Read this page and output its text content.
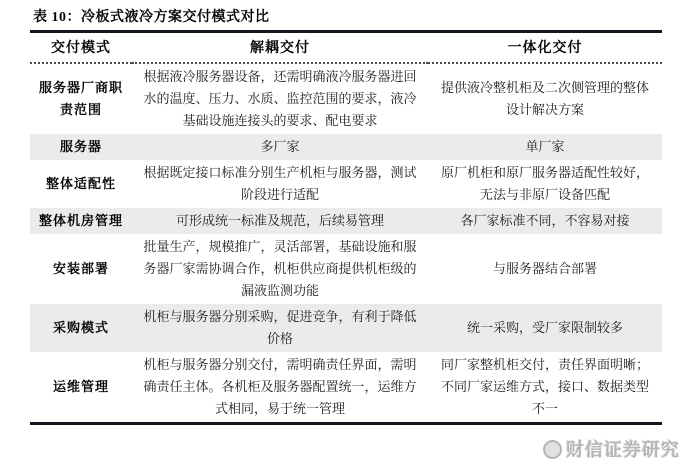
表 10：冷板式液冷方案交付模式对比
交付模式	解耦交付	一体化交付
服务器厂商职责范围	根据液冷服务器设备，还需明确液冷服务器进回水的温度、压力、水质、监控范围的要求，液冷基础设施连接头的要求、配电要求	提供液冷整机柜及二次侧管理的整体设计解决方案
服务器	多厂家	单厂家
整体适配性	根据既定接口标准分别生产机柜与服务器，测试阶段进行适配	原厂机柜和原厂服务器适配性较好，无法与非原厂设备匹配
整体机房管理	可形成统一标准及规范，后续易管理	各厂家标准不同，不容易对接
安装部署	批量生产，规模推广，灵活部署，基础设施和服务器厂家需协调合作，机柜供应商提供机柜级的漏液监测功能	与服务器结合部署
采购模式	机柜与服务器分别采购，促进竞争，有利于降低价格	统一采购，受厂家限制较多
运维管理	机柜与服务器分别交付，需明确责任界面，需明确责任主体。各机柜及服务器配置统一，运维方式相同，易于统一管理	同厂家整机柜交付，责任界面明晰；不同厂家运维方式，接口、数据类型不一
财信证券研究
